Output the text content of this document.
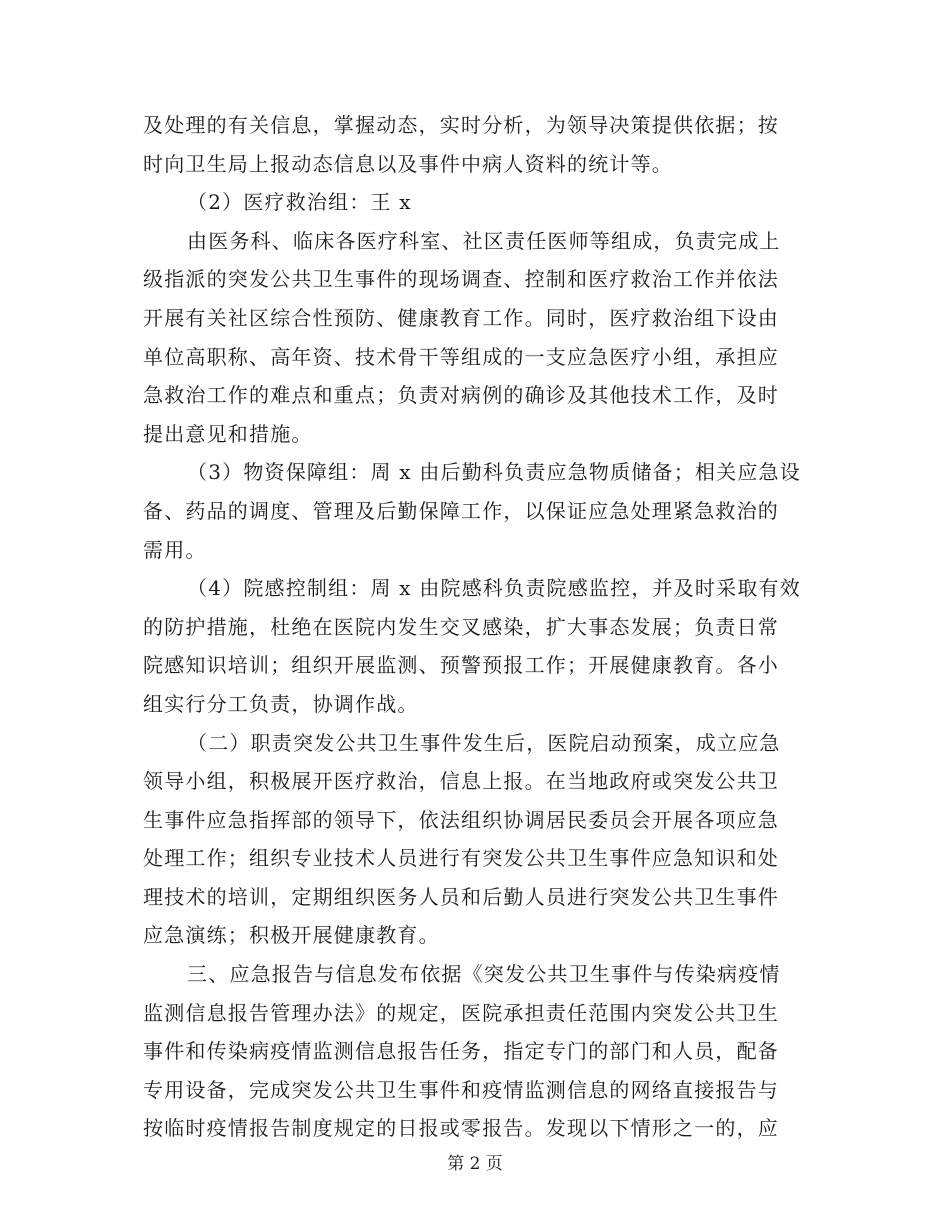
及处理的有关信息，掌握动态，实时分析，为领导决策提供依据；按
时向卫生局上报动态信息以及事件中病人资料的统计等。
（2）医疗救治组：王 x
由医务科、临床各医疗科室、社区责任医师等组成，负责完成上
级指派的突发公共卫生事件的现场调查、控制和医疗救治工作并依法
开展有关社区综合性预防、健康教育工作。同时，医疗救治组下设由
单位高职称、高年资、技术骨干等组成的一支应急医疗小组，承担应
急救治工作的难点和重点；负责对病例的确诊及其他技术工作，及时
提出意见和措施。
（3）物资保障组：周 x 由后勤科负责应急物质储备；相关应急设
备、药品的调度、管理及后勤保障工作，以保证应急处理紧急救治的
需用。
（4）院感控制组：周 x 由院感科负责院感监控，并及时采取有效
的防护措施，杜绝在医院内发生交叉感染，扩大事态发展；负责日常
院感知识培训；组织开展监测、预警预报工作；开展健康教育。各小
组实行分工负责，协调作战。
（二）职责突发公共卫生事件发生后，医院启动预案，成立应急
领导小组，积极展开医疗救治，信息上报。在当地政府或突发公共卫
生事件应急指挥部的领导下，依法组织协调居民委员会开展各项应急
处理工作；组织专业技术人员进行有突发公共卫生事件应急知识和处
理技术的培训，定期组织医务人员和后勤人员进行突发公共卫生事件
应急演练；积极开展健康教育。
三、应急报告与信息发布依据《突发公共卫生事件与传染病疫情
监测信息报告管理办法》的规定，医院承担责任范围内突发公共卫生
事件和传染病疫情监测信息报告任务，指定专门的部门和人员，配备
专用设备，完成突发公共卫生事件和疫情监测信息的网络直接报告与
按临时疫情报告制度规定的日报或零报告。发现以下情形之一的，应
第 2 页
